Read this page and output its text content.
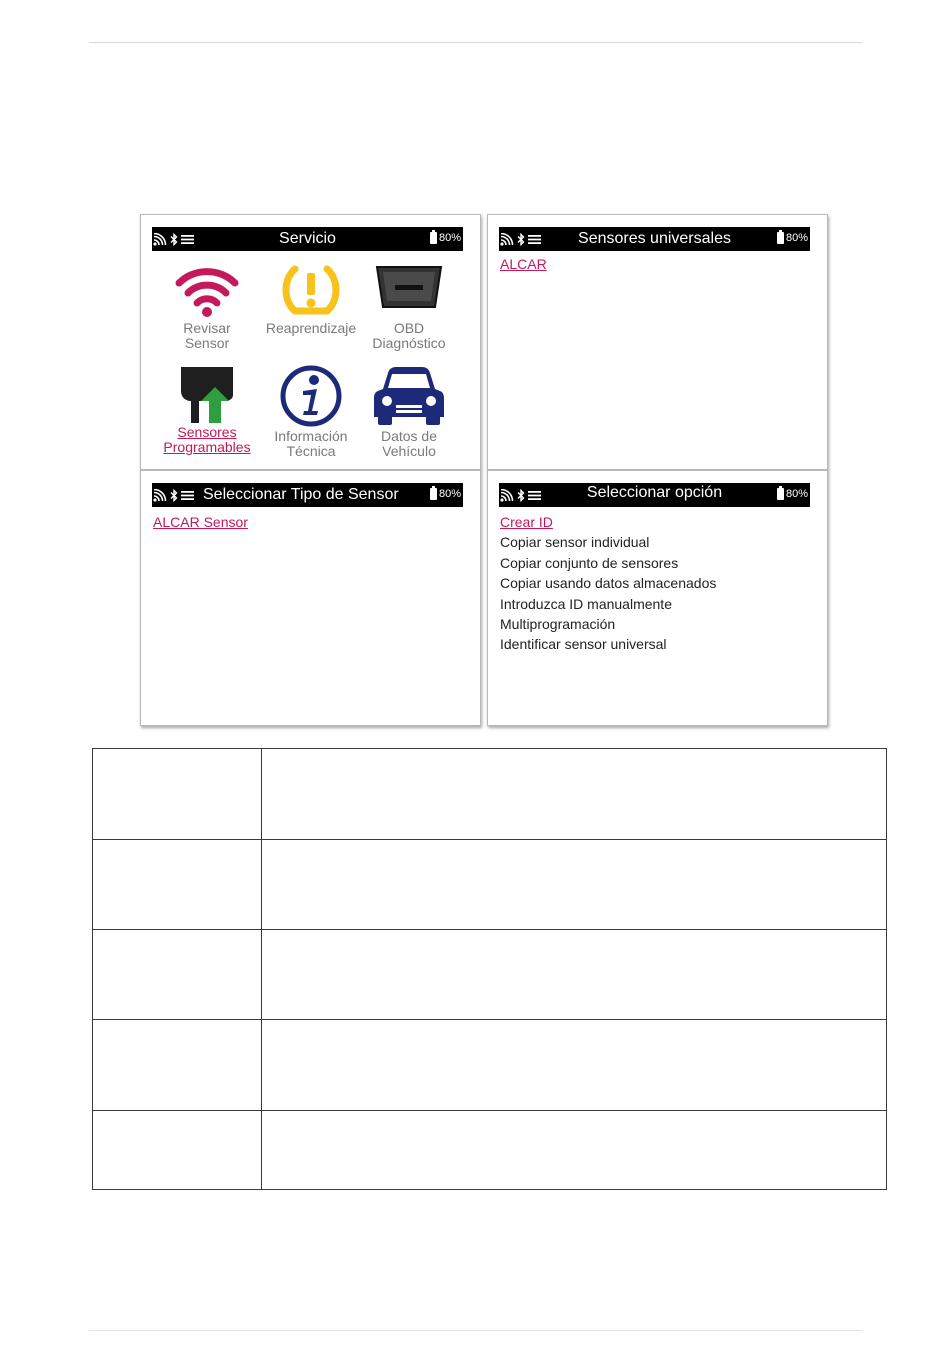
Servicio	80%
Revisar
Sensor
Reaprendizaje	OBD
Diagnóstico
Sensores
Programables
Información
Técnica
Datos de
Vehículo
Sensores universales	80%
ALCAR
Seleccionar Tipo de Sensor	80%
ALCAR Sensor
Seleccionar opción	80%
Crear ID
Copiar sensor individual
Copiar conjunto de sensores
Copiar usando datos almacenados
Introduzca ID manualmente
Multiprogramación
Identificar sensor universal
